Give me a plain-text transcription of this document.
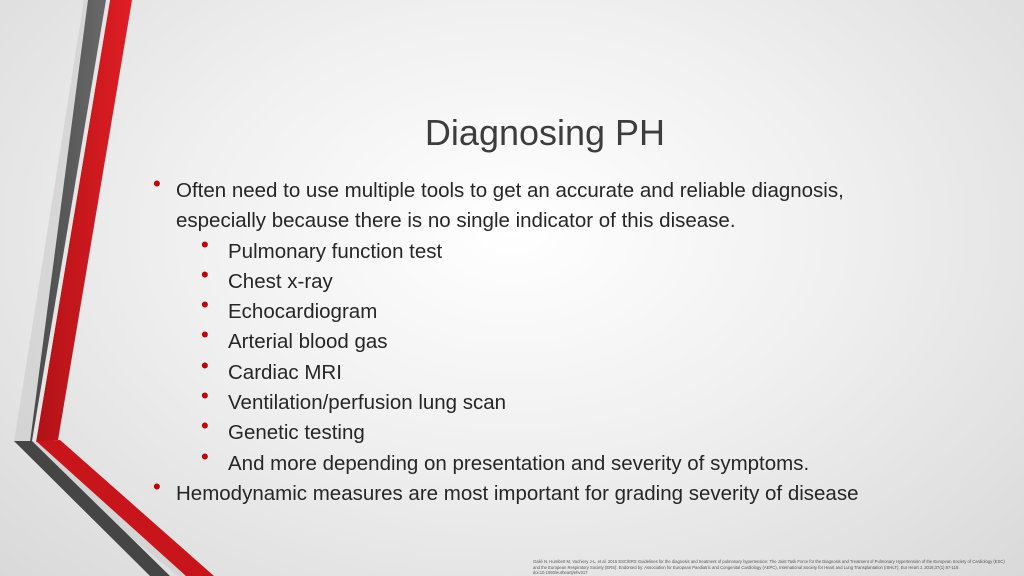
Diagnosing PH
• Often need to use multiple tools to get an accurate and reliable diagnosis, especially because there is no single indicator of this disease.
• Pulmonary function test
• Chest x-ray
• Echocardiogram
• Arterial blood gas
• Cardiac MRI
• Ventilation/perfusion lung scan
• Genetic testing
• And more depending on presentation and severity of symptoms.
• Hemodynamic measures are most important for grading severity of disease
Galiè N, Humbert M, Vachiery J-L, et al. 2015 ESC/ERS Guidelines for the diagnosis and treatment of pulmonary hypertension: The Joint Task Force for the Diagnosis and Treatment of Pulmonary Hypertension of the European Society of Cardiology (ESC) and the European Respiratory Society (ERS): Endorsed by: Association for European Paediatric and Congenital Cardiology (AEPC), International Society for Heart and Lung Transplantation (ISHLT). Eur Heart J. 2016;37(1):67-119. doi:10.1093/eurheartj/ehv317
